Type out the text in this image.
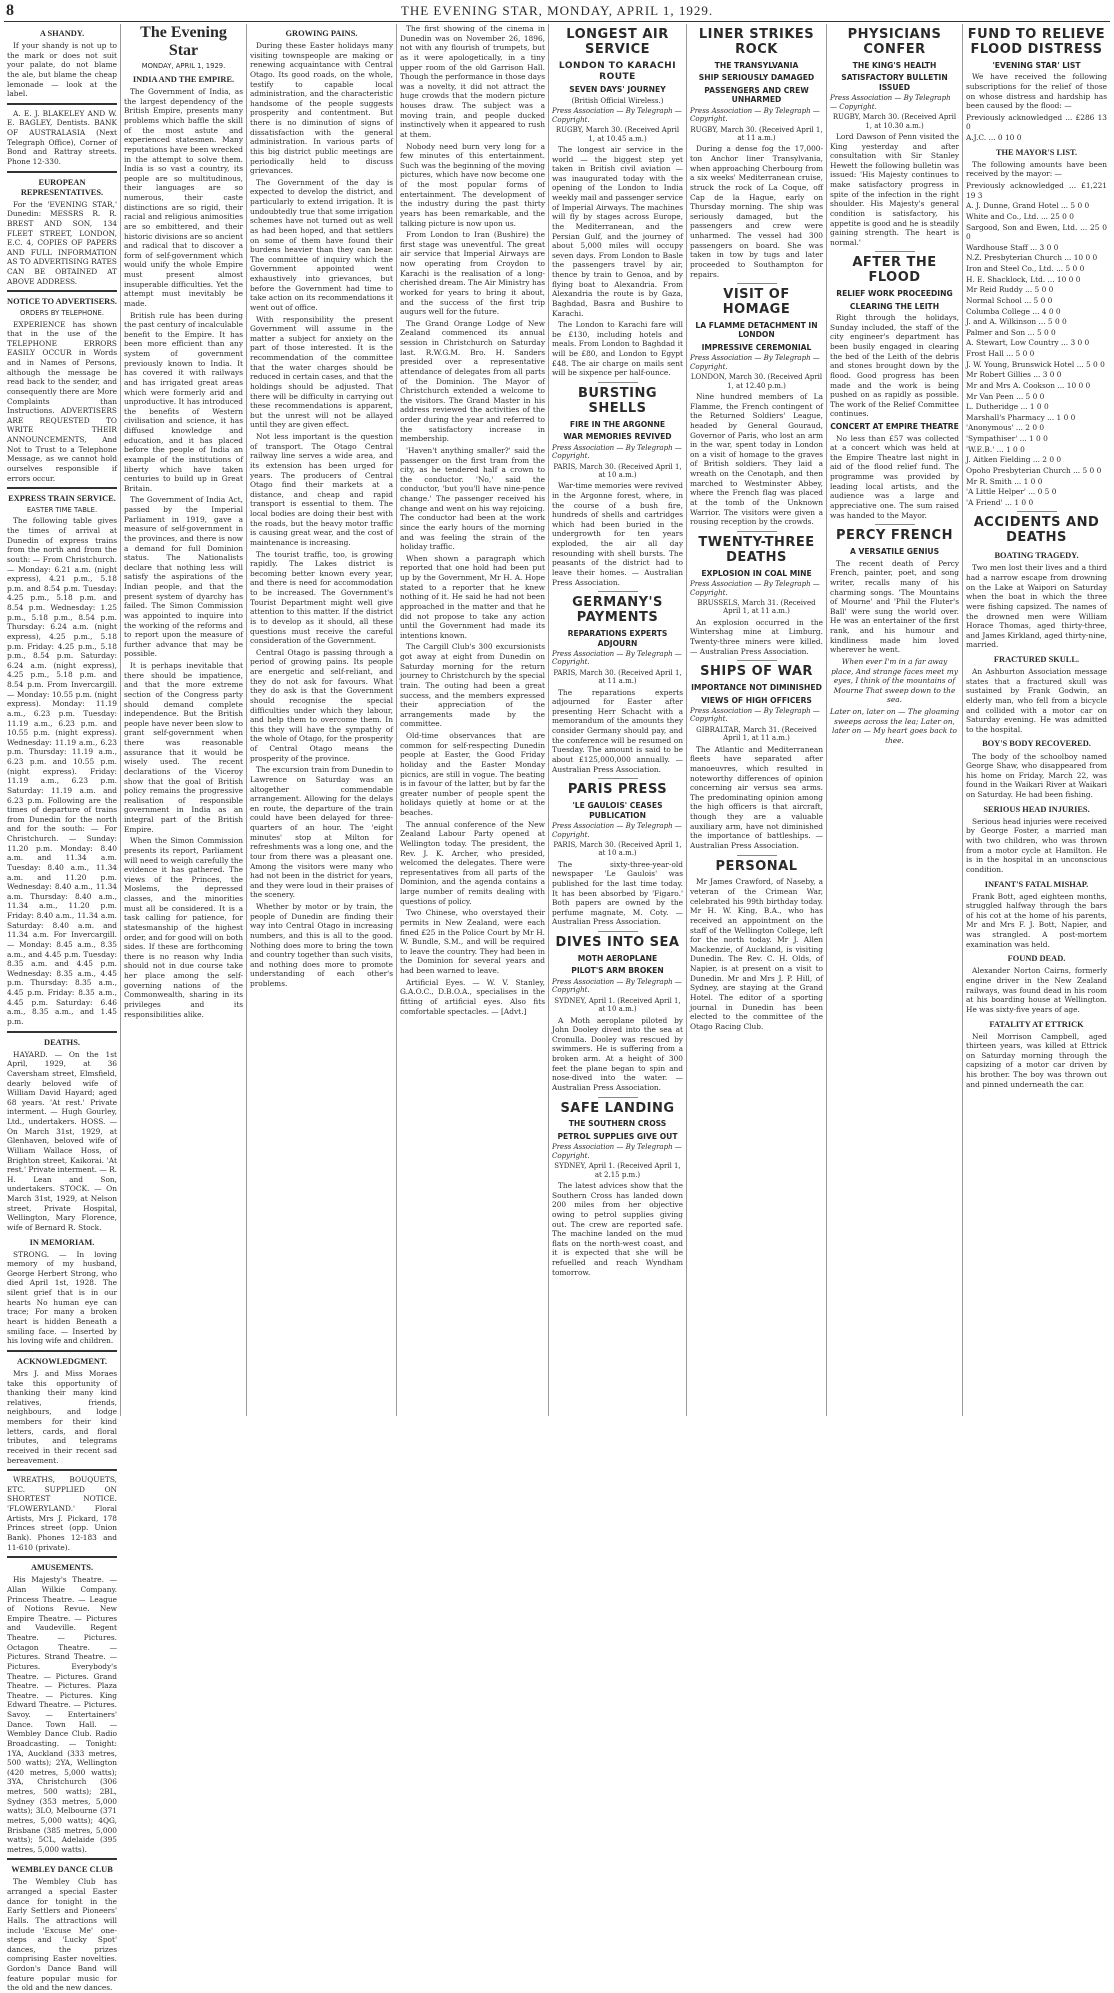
8	THE EVENING STAR, MONDAY, APRIL 1, 1929.
A SHANDY.

If your shandy is not up to the mark or does not suit your palate, do not blame the ale, but blame the cheap lemonade — look at the label.

A. E. J. BLAKELEY AND W. E. BAGLEY, Dentists. BANK OF AUSTRALASIA (Next Telegraph Office), Corner of Bond and Rattray streets. Phone 12-330.

EUROPEAN REPRESENTATIVES.

For the 'EVENING STAR,' Dunedin: MESSRS R. R. BREST AND SON, 134 FLEET STREET, LONDON, E.C. 4, COPIES OF PAPERS AND FULL INFORMATION AS TO ADVERTISING RATES CAN BE OBTAINED AT ABOVE ADDRESS.

NOTICE TO ADVERTISERS.
ORDERS BY TELEPHONE.

EXPERIENCE has shown that in the use of the TELEPHONE ERRORS EASILY OCCUR in Words and in Names of Persons, although the message be read back to the sender, and consequently there are More Complaints than Instructions. ADVERTISERS ARE REQUESTED TO WRITE THEIR ANNOUNCEMENTS, And Not to Trust to a Telephone Message, as we cannot hold ourselves responsible if errors occur.

EXPRESS TRAIN SERVICE.
EASTER TIME TABLE.

The following table gives the times of arrival at Dunedin of express trains from the north and from the south: — From Christchurch. — Monday: 6.21 a.m. (night express), 4.21 p.m., 5.18 p.m. and 8.54 p.m. Tuesday: 4.25 p.m., 5.18 p.m. and 8.54 p.m. Wednesday: 1.25 p.m., 5.18 p.m., 8.54 p.m. Thursday: 6.24 a.m. (night express), 4.25 p.m., 5.18 p.m. Friday: 4.25 p.m., 5.18 p.m., 8.54 p.m. Saturday: 6.24 a.m. (night express), 4.25 p.m., 5.18 p.m. and 8.54 p.m. From Invercargill. — Monday: 10.55 p.m. (night express). Monday: 11.19 a.m., 6.23 p.m. Tuesday: 11.19 a.m., 6.23 p.m. and 10.55 p.m. (night express). Wednesday: 11.19 a.m., 6.23 p.m. Thursday: 11.19 a.m., 6.23 p.m. and 10.55 p.m. (night express). Friday: 11.19 a.m., 6.23 p.m. Saturday: 11.19 a.m. and 6.23 p.m. Following are the times of departure of trains from Dunedin for the north and for the south: — For Christchurch. — Sunday: 11.20 p.m. Monday: 8.40 a.m. and 11.34 a.m. Tuesday: 8.40 a.m., 11.34 a.m. and 11.20 p.m. Wednesday: 8.40 a.m., 11.34 a.m. Thursday: 8.40 a.m., 11.34 a.m., 11.20 p.m. Friday: 8.40 a.m., 11.34 a.m. Saturday: 8.40 a.m. and 11.34 a.m. For Invercargill. — Monday: 8.45 a.m., 8.35 a.m., and 4.45 p.m. Tuesday: 8.35 a.m. and 4.45 p.m. Wednesday: 8.35 a.m., 4.45 p.m. Thursday: 8.35 a.m., 4.45 p.m. Friday: 8.35 a.m., 4.45 p.m. Saturday: 6.46 a.m., 8.35 a.m., and 1.45 p.m.

DEATHS.

HAYARD. — On the 1st April, 1929, at 36 Caversham street, Elmsfield, dearly beloved wife of William David Hayard; aged 68 years. 'At rest.' Private interment. — Hugh Gourley, Ltd., undertakers. HOSS. — On March 31st, 1929, at Glenhaven, beloved wife of William Wallace Hoss, of Brighton street, Kaikorai. 'At rest.' Private interment. — R. H. Lean and Son, undertakers. STOCK. — On March 31st, 1929, at Nelson street, Private Hospital, Wellington, Mary Florence, wife of Bernard R. Stock.

IN MEMORIAM.

STRONG. — In loving memory of my husband, George Herbert Strong, who died April 1st, 1928. The silent grief that is in our hearts No human eye can trace; For many a broken heart is hidden Beneath a smiling face. — Inserted by his loving wife and children.

ACKNOWLEDGMENT.

Mrs J. and Miss Moraes take this opportunity of thanking their many kind relatives, friends, neighbours, and lodge members for their kind letters, cards, and floral tributes, and telegrams received in their recent sad bereavement.

WREATHS, BOUQUETS, ETC. SUPPLIED ON SHORTEST NOTICE. 'FLOWERYLAND.' Floral Artists, Mrs J. Pickard, 178 Princes street (opp. Union Bank). Phones 12-183 and 11-610 (private).

AMUSEMENTS.

His Majesty's Theatre. — Allan Wilkie Company. Princess Theatre. — League of Notions Revue. New Empire Theatre. — Pictures and Vaudeville. Regent Theatre. — Pictures. Octagon Theatre. — Pictures. Strand Theatre. — Pictures. Everybody's Theatre. — Pictures. Grand Theatre. — Pictures. Plaza Theatre. — Pictures. King Edward Theatre. — Pictures. Savoy. — Entertainers' Dance. Town Hall. — Wembley Dance Club. Radio Broadcasting. — Tonight: 1YA, Auckland (333 metres, 500 watts); 2YA, Wellington (420 metres, 5,000 watts); 3YA, Christchurch (306 metres, 500 watts); 2BL, Sydney (353 metres, 5,000 watts); 3LO, Melbourne (371 metres, 5,000 watts); 4QG, Brisbane (385 metres, 5,000 watts); 5CL, Adelaide (395 metres, 5,000 watts).

WEMBLEY DANCE CLUB

The Wembley Club has arranged a special Easter dance for tonight in the Early Settlers and Pioneers' Halls. The attractions will include 'Excuse Me' one-steps and 'Lucky Spot' dances, the prizes comprising Easter novelties. Gordon's Dance Band will feature popular music for the old and the new dances.

The Evening Star
MONDAY, APRIL 1, 1929.
INDIA AND THE EMPIRE.

The Government of India, as the largest dependency of the British Empire, presents many problems which baffle the skill of the most astute and experienced statesmen. Many reputations have been wrecked in the attempt to solve them. India is so vast a country, its people are so multitudinous, their languages are so numerous, their caste distinctions are so rigid, their racial and religious animosities are so embittered, and their historic divisions are so ancient and radical that to discover a form of self-government which would unify the whole Empire must present almost insuperable difficulties. Yet the attempt must inevitably be made.

British rule has been during the past century of incalculable benefit to the Empire. It has been more efficient than any system of government previously known to India. It has covered it with railways and has irrigated great areas which were formerly arid and unproductive. It has introduced the benefits of Western civilisation and science, it has diffused knowledge and education, and it has placed before the people of India an example of the institutions of liberty which have taken centuries to build up in Great Britain.

The Government of India Act, passed by the Imperial Parliament in 1919, gave a measure of self-government in the provinces, and there is now a demand for full Dominion status. The Nationalists declare that nothing less will satisfy the aspirations of the Indian people, and that the present system of dyarchy has failed. The Simon Commission was appointed to inquire into the working of the reforms and to report upon the measure of further advance that may be possible.

It is perhaps inevitable that there should be impatience, and that the more extreme section of the Congress party should demand complete independence. But the British people have never been slow to grant self-government when there was reasonable assurance that it would be wisely used. The recent declarations of the Viceroy show that the goal of British policy remains the progressive realisation of responsible government in India as an integral part of the British Empire.

When the Simon Commission presents its report, Parliament will need to weigh carefully the evidence it has gathered. The views of the Princes, the Moslems, the depressed classes, and the minorities must all be considered. It is a task calling for patience, for statesmanship of the highest order, and for good will on both sides. If these are forthcoming there is no reason why India should not in due course take her place among the self-governing nations of the Commonwealth, sharing in its privileges and its responsibilities alike.

GROWING PAINS.

During these Easter holidays many visiting townspeople are making or renewing acquaintance with Central Otago. Its good roads, on the whole, testify to capable local administration, and the characteristic handsome of the people suggests prosperity and contentment. But there is no diminution of signs of dissatisfaction with the general administration. In various parts of this big district public meetings are periodically held to discuss grievances.

The Government of the day is expected to develop the district, and particularly to extend irrigation. It is undoubtedly true that some irrigation schemes have not turned out as well as had been hoped, and that settlers on some of them have found their burdens heavier than they can bear. The committee of inquiry which the Government appointed went exhaustively into grievances, but before the Government had time to take action on its recommendations it went out of office.

With responsibility the present Government will assume in the matter a subject for anxiety on the part of those interested. It is the recommendation of the committee that the water charges should be reduced in certain cases, and that the holdings should be adjusted. That there will be difficulty in carrying out these recommendations is apparent, but the unrest will not be allayed until they are given effect.

Not less important is the question of transport. The Otago Central railway line serves a wide area, and its extension has been urged for years. The producers of Central Otago find their markets at a distance, and cheap and rapid transport is essential to them. The local bodies are doing their best with the roads, but the heavy motor traffic is causing great wear, and the cost of maintenance is increasing.

The tourist traffic, too, is growing rapidly. The Lakes district is becoming better known every year, and there is need for accommodation to be increased. The Government's Tourist Department might well give attention to this matter. If the district is to develop as it should, all these questions must receive the careful consideration of the Government.

Central Otago is passing through a period of growing pains. Its people are energetic and self-reliant, and they do not ask for favours. What they do ask is that the Government should recognise the special difficulties under which they labour, and help them to overcome them. In this they will have the sympathy of the whole of Otago, for the prosperity of Central Otago means the prosperity of the province.

The excursion train from Dunedin to Lawrence on Saturday was an altogether commendable arrangement. Allowing for the delays en route, the departure of the train could have been delayed for three-quarters of an hour. The 'eight minutes' stop at Milton for refreshments was a long one, and the tour from there was a pleasant one. Among the visitors were many who had not been in the district for years, and they were loud in their praises of the scenery.

Whether by motor or by train, the people of Dunedin are finding their way into Central Otago in increasing numbers, and this is all to the good. Nothing does more to bring the town and country together than such visits, and nothing does more to promote understanding of each other's problems.

The first showing of the cinema in Dunedin was on November 26, 1896, not with any flourish of trumpets, but as it were apologetically, in a tiny upper room of the old Garrison Hall. Though the performance in those days was a novelty, it did not attract the huge crowds that the modern picture houses draw. The subject was a moving train, and people ducked instinctively when it appeared to rush at them.

Nobody need burn very long for a few minutes of this entertainment. Such was the beginning of the moving pictures, which have now become one of the most popular forms of entertainment. The development of the industry during the past thirty years has been remarkable, and the talking picture is now upon us.

From London to Iran (Bushire) the first stage was uneventful. The great air service that Imperial Airways are now operating from Croydon to Karachi is the realisation of a long-cherished dream. The Air Ministry has worked for years to bring it about, and the success of the first trip augurs well for the future.

The Grand Orange Lodge of New Zealand commenced its annual session in Christchurch on Saturday last. R.W.G.M. Bro. H. Sanders presided over a representative attendance of delegates from all parts of the Dominion. The Mayor of Christchurch extended a welcome to the visitors. The Grand Master in his address reviewed the activities of the order during the year and referred to the satisfactory increase in membership.

'Haven't anything smaller?' said the passenger on the first tram from the city, as he tendered half a crown to the conductor. 'No,' said the conductor, 'but you'll have nine-pence change.' The passenger received his change and went on his way rejoicing. The conductor had been at the work since the early hours of the morning and was feeling the strain of the holiday traffic.

When shown a paragraph which reported that one hold had been put up by the Government, Mr H. A. Hope stated to a reporter that he knew nothing of it. He said he had not been approached in the matter and that he did not propose to take any action until the Government had made its intentions known.

The Cargill Club's 300 excursionists got away at eight from Dunedin on Saturday morning for the return journey to Christchurch by the special train. The outing had been a great success, and the members expressed their appreciation of the arrangements made by the committee.

Old-time observances that are common for self-respecting Dunedin people at Easter, the Good Friday holiday and the Easter Monday picnics, are still in vogue. The beating is in favour of the latter, but by far the greater number of people spent the holidays quietly at home or at the beaches.

The annual conference of the New Zealand Labour Party opened at Wellington today. The president, the Rev. J. K. Archer, who presided, welcomed the delegates. There were representatives from all parts of the Dominion, and the agenda contains a large number of remits dealing with questions of policy.

Two Chinese, who overstayed their permits in New Zealand, were each fined £25 in the Police Court by Mr H. W. Bundle, S.M., and will be required to leave the country. They had been in the Dominion for several years and had been warned to leave.

Artificial Eyes. — W. V. Stanley, G.A.O.C., D.B.O.A., specialises in the fitting of artificial eyes. Also fits comfortable spectacles. — [Advt.]

LONGEST AIR SERVICE
LONDON TO KARACHI ROUTE
SEVEN DAYS' JOURNEY
(British Official Wireless.)
Press Association — By Telegraph — Copyright.
RUGBY, March 30. (Received April 1, at 10.45 a.m.)

The longest air service in the world — the biggest step yet taken in British civil aviation — was inaugurated today with the opening of the London to India weekly mail and passenger service of Imperial Airways. The machines will fly by stages across Europe, the Mediterranean, and the Persian Gulf, and the journey of about 5,000 miles will occupy seven days. From London to Basle the passengers travel by air, thence by train to Genoa, and by flying boat to Alexandria. From Alexandria the route is by Gaza, Baghdad, Basra and Bushire to Karachi.

The London to Karachi fare will be £130, including hotels and meals. From London to Baghdad it will be £80, and London to Egypt £48. The air charge on mails sent will be sixpence per half-ounce.

BURSTING SHELLS
FIRE IN THE ARGONNE
WAR MEMORIES REVIVED
Press Association — By Telegraph — Copyright.
PARIS, March 30. (Received April 1, at 10 a.m.)

War-time memories were revived in the Argonne forest, where, in the course of a bush fire, hundreds of shells and cartridges which had been buried in the undergrowth for ten years exploded, the air all day resounding with shell bursts. The peasants of the district had to leave their homes. — Australian Press Association.

GERMANY'S PAYMENTS
REPARATIONS EXPERTS ADJOURN
Press Association — By Telegraph — Copyright.
PARIS, March 30. (Received April 1, at 11 a.m.)

The reparations experts adjourned for Easter after presenting Herr Schacht with a memorandum of the amounts they consider Germany should pay, and the conference will be resumed on Tuesday. The amount is said to be about £125,000,000 annually. — Australian Press Association.

PARIS PRESS
'LE GAULOIS' CEASES PUBLICATION
Press Association — By Telegraph — Copyright.
PARIS, March 30. (Received April 1, at 10 a.m.)

The sixty-three-year-old newspaper 'Le Gaulois' was published for the last time today. It has been absorbed by 'Figaro.' Both papers are owned by the perfume magnate, M. Coty. — Australian Press Association.

DIVES INTO SEA
MOTH AEROPLANE
PILOT'S ARM BROKEN
Press Association — By Telegraph — Copyright.
SYDNEY, April 1. (Received April 1, at 10 a.m.)

A Moth aeroplane piloted by John Dooley dived into the sea at Cronulla. Dooley was rescued by swimmers. He is suffering from a broken arm. At a height of 300 feet the plane began to spin and nose-dived into the water. — Australian Press Association.

SAFE LANDING
THE SOUTHERN CROSS
PETROL SUPPLIES GIVE OUT
Press Association — By Telegraph — Copyright.
SYDNEY, April 1. (Received April 1, at 2.15 p.m.)

The latest advices show that the Southern Cross has landed down 200 miles from her objective owing to petrol supplies giving out. The crew are reported safe. The machine landed on the mud flats on the north-west coast, and it is expected that she will be refuelled and reach Wyndham tomorrow.

LINER STRIKES ROCK
THE TRANSYLVANIA
SHIP SERIOUSLY DAMAGED
PASSENGERS AND CREW UNHARMED
Press Association — By Telegraph — Copyright.
RUGBY, March 30. (Received April 1, at 11 a.m.)

During a dense fog the 17,000-ton Anchor liner Transylvania, when approaching Cherbourg from a six weeks' Mediterranean cruise, struck the rock of La Coque, off Cap de la Hague, early on Thursday morning. The ship was seriously damaged, but the passengers and crew were unharmed. The vessel had 300 passengers on board. She was taken in tow by tugs and later proceeded to Southampton for repairs.

VISIT OF HOMAGE
LA FLAMME DETACHMENT IN LONDON
IMPRESSIVE CEREMONIAL
Press Association — By Telegraph — Copyright.
LONDON, March 30. (Received April 1, at 12.40 p.m.)

Nine hundred members of La Flamme, the French contingent of the Returned Soldiers' League, headed by General Gouraud, Governor of Paris, who lost an arm in the war, spent today in London on a visit of homage to the graves of British soldiers. They laid a wreath on the Cenotaph, and then marched to Westminster Abbey, where the French flag was placed at the tomb of the Unknown Warrior. The visitors were given a rousing reception by the crowds.

TWENTY-THREE DEATHS
EXPLOSION IN COAL MINE
Press Association — By Telegraph — Copyright.
BRUSSELS, March 31. (Received April 1, at 11 a.m.)

An explosion occurred in the Wintershag mine at Limburg. Twenty-three miners were killed. — Australian Press Association.

SHIPS OF WAR
IMPORTANCE NOT DIMINISHED
VIEWS OF HIGH OFFICERS
Press Association — By Telegraph — Copyright.
GIBRALTAR, March 31. (Received April 1, at 11 a.m.)

The Atlantic and Mediterranean fleets have separated after manoeuvres, which resulted in noteworthy differences of opinion concerning air versus sea arms. The predominating opinion among the high officers is that aircraft, though they are a valuable auxiliary arm, have not diminished the importance of battleships. — Australian Press Association.

PERSONAL

Mr James Crawford, of Naseby, a veteran of the Crimean War, celebrated his 99th birthday today. Mr H. W. King, B.A., who has received an appointment on the staff of the Wellington College, left for the north today. Mr J. Allen Mackenzie, of Auckland, is visiting Dunedin. The Rev. C. H. Olds, of Napier, is at present on a visit to Dunedin. Mr and Mrs J. P. Hill, of Sydney, are staying at the Grand Hotel. The editor of a sporting journal in Dunedin has been elected to the committee of the Otago Racing Club.

PHYSICIANS CONFER
THE KING'S HEALTH
SATISFACTORY BULLETIN ISSUED
Press Association — By Telegraph — Copyright.
RUGBY, March 30. (Received April 1, at 10.30 a.m.)

Lord Dawson of Penn visited the King yesterday and after consultation with Sir Stanley Hewett the following bulletin was issued: 'His Majesty continues to make satisfactory progress in spite of the infection in the right shoulder. His Majesty's general condition is satisfactory, his appetite is good and he is steadily gaining strength. The heart is normal.'

AFTER THE FLOOD
RELIEF WORK PROCEEDING
CLEARING THE LEITH

Right through the holidays, Sunday included, the staff of the city engineer's department has been busily engaged in clearing the bed of the Leith of the debris and stones brought down by the flood. Good progress has been made and the work is being pushed on as rapidly as possible. The work of the Relief Committee continues.

CONCERT AT EMPIRE THEATRE

No less than £57 was collected at a concert which was held at the Empire Theatre last night in aid of the flood relief fund. The programme was provided by leading local artists, and the audience was a large and appreciative one. The sum raised was handed to the Mayor.

PERCY FRENCH
A VERSATILE GENIUS

The recent death of Percy French, painter, poet, and song writer, recalls many of his charming songs. 'The Mountains of Mourne' and 'Phil the Fluter's Ball' were sung the world over. He was an entertainer of the first rank, and his humour and kindliness made him loved wherever he went.

When ever I'm in a far away place, And strange faces meet my eyes, I think of the mountains of Mourne That sweep down to the sea.

Later on, later on — The gloaming sweeps across the lea; Later on, later on — My heart goes back to thee.

FUND TO RELIEVE FLOOD DISTRESS
'EVENING STAR' LIST

We have received the following subscriptions for the relief of those on whose distress and hardship has been caused by the flood: —

Previously acknowledged ... £286 13 0
A.J.C. ... 0 10 0
THE MAYOR'S LIST.

The following amounts have been received by the mayor: —

Previously acknowledged ... £1,221 19 3
A. J. Dunne, Grand Hotel ... 5 0 0
White and Co., Ltd. ... 25 0 0
Sargood, Son and Ewen, Ltd. ... 25 0 0
Wardhouse Staff ... 3 0 0
N.Z. Presbyterian Church ... 10 0 0
Iron and Steel Co., Ltd. ... 5 0 0
H. E. Shacklock, Ltd. ... 10 0 0
Mr Reid Ruddy ... 5 0 0
Normal School ... 5 0 0
Columba College ... 4 0 0
J. and A. Wilkinson ... 5 0 0
Palmer and Son ... 5 0 0
A. Stewart, Low Country ... 3 0 0
Frost Hall ... 5 0 0
J. W. Young, Brunswick Hotel ... 5 0 0
Mr Robert Gillies ... 3 0 0
Mr and Mrs A. Cookson ... 10 0 0
Mr Van Peen ... 5 0 0
L. Dutheridge ... 1 0 0
Marshall's Pharmacy ... 1 0 0
'Anonymous' ... 2 0 0
'Sympathiser' ... 1 0 0
'W.E.B.' ... 1 0 0
J. Aitken Fielding ... 2 0 0
Opoho Presbyterian Church ... 5 0 0
Mr R. Smith ... 1 0 0
'A Little Helper' ... 0 5 0
'A Friend' ... 1 0 0
ACCIDENTS AND DEATHS
BOATING TRAGEDY.

Two men lost their lives and a third had a narrow escape from drowning on the Lake at Waipori on Saturday when the boat in which the three were fishing capsized. The names of the drowned men were William Horace Thomas, aged thirty-three, and James Kirkland, aged thirty-nine, married.

FRACTURED SKULL.

An Ashburton Association message states that a fractured skull was sustained by Frank Godwin, an elderly man, who fell from a bicycle and collided with a motor car on Saturday evening. He was admitted to the hospital.

BOY'S BODY RECOVERED.

The body of the schoolboy named George Shaw, who disappeared from his home on Friday, March 22, was found in the Waikari River at Waikari on Saturday. He had been fishing.

SERIOUS HEAD INJURIES.

Serious head injuries were received by George Foster, a married man with two children, who was thrown from a motor cycle at Hamilton. He is in the hospital in an unconscious condition.

INFANT'S FATAL MISHAP.

Frank Bott, aged eighteen months, struggled halfway through the bars of his cot at the home of his parents, Mr and Mrs F. J. Bott, Napier, and was strangled. A post-mortem examination was held.

FOUND DEAD.

Alexander Norton Cairns, formerly engine driver in the New Zealand railways, was found dead in his room at his boarding house at Wellington. He was sixty-five years of age.

FATALITY AT ETTRICK

Neil Morrison Campbell, aged thirteen years, was killed at Ettrick on Saturday morning through the capsizing of a motor car driven by his brother. The boy was thrown out and pinned underneath the car.
